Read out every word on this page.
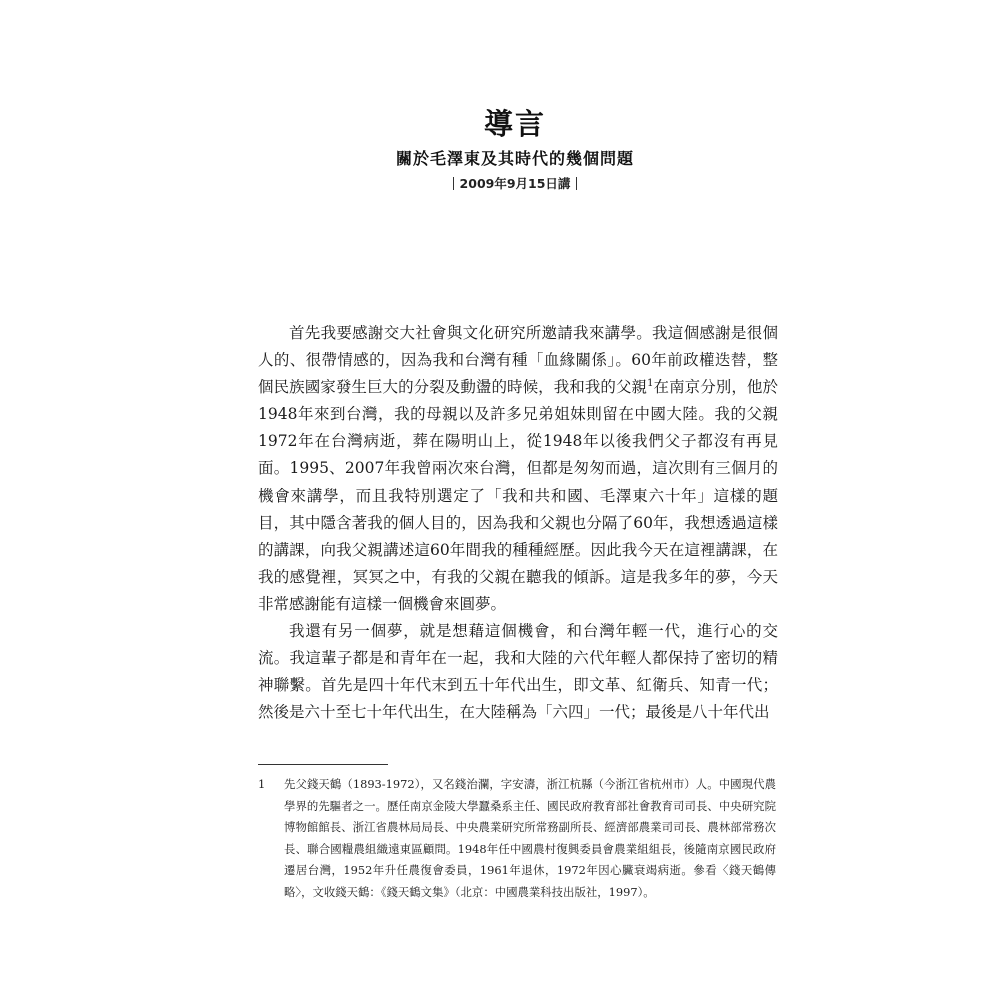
導言
關於毛澤東及其時代的幾個問題
2009年9月15日講

首先我要感謝交大社會與文化研究所邀請我來講學。我這個感謝是很個人的、很帶情感的，因為我和台灣有種「血緣關係」。60年前政權迭替，整個民族國家發生巨大的分裂及動盪的時候，我和我的父親$^1$在南京分別，他於1948年來到台灣，我的母親以及許多兄弟姐妹則留在中國大陸。我的父親1972年在台灣病逝，葬在陽明山上，從1948年以後我們父子都沒有再見面。1995、2007年我曾兩次來台灣，但都是匆匆而過，這次則有三個月的機會來講學，而且我特別選定了「我和共和國、毛澤東六十年」這樣的題目，其中隱含著我的個人目的，因為我和父親也分隔了60年，我想透過這樣的講課，向我父親講述這60年間我的種種經歷。因此我今天在這裡講課，在我的感覺裡，冥冥之中，有我的父親在聽我的傾訴。這是我多年的夢，今天非常感謝能有這樣一個機會來圓夢。

我還有另一個夢，就是想藉這個機會，和台灣年輕一代，進行心的交流。我這輩子都是和青年在一起，我和大陸的六代年輕人都保持了密切的精神聯繫。首先是四十年代末到五十年代出生，即文革、紅衛兵、知青一代；然後是六十至七十年代出生，在大陸稱為「六四」一代；最後是八十年代出

1	先父錢天鶴（1893-1972），又名錢治瀾，字安濤，浙江杭縣（今浙江省杭州市）人。中國現代農學界的先驅者之一。歷任南京金陵大學蠶桑系主任、國民政府教育部社會教育司司長、中央研究院博物館館長、浙江省農林局局長、中央農業研究所常務副所長、經濟部農業司司長、農林部常務次長、聯合國糧農組織遠東區顧問。1948年任中國農村復興委員會農業組組長，後隨南京國民政府遷居台灣，1952年升任農復會委員，1961年退休，1972年因心臟衰竭病逝。參看〈錢天鶴傳略〉，文收錢天鶴：《錢天鶴文集》（北京：中國農業科技出版社，1997）。
